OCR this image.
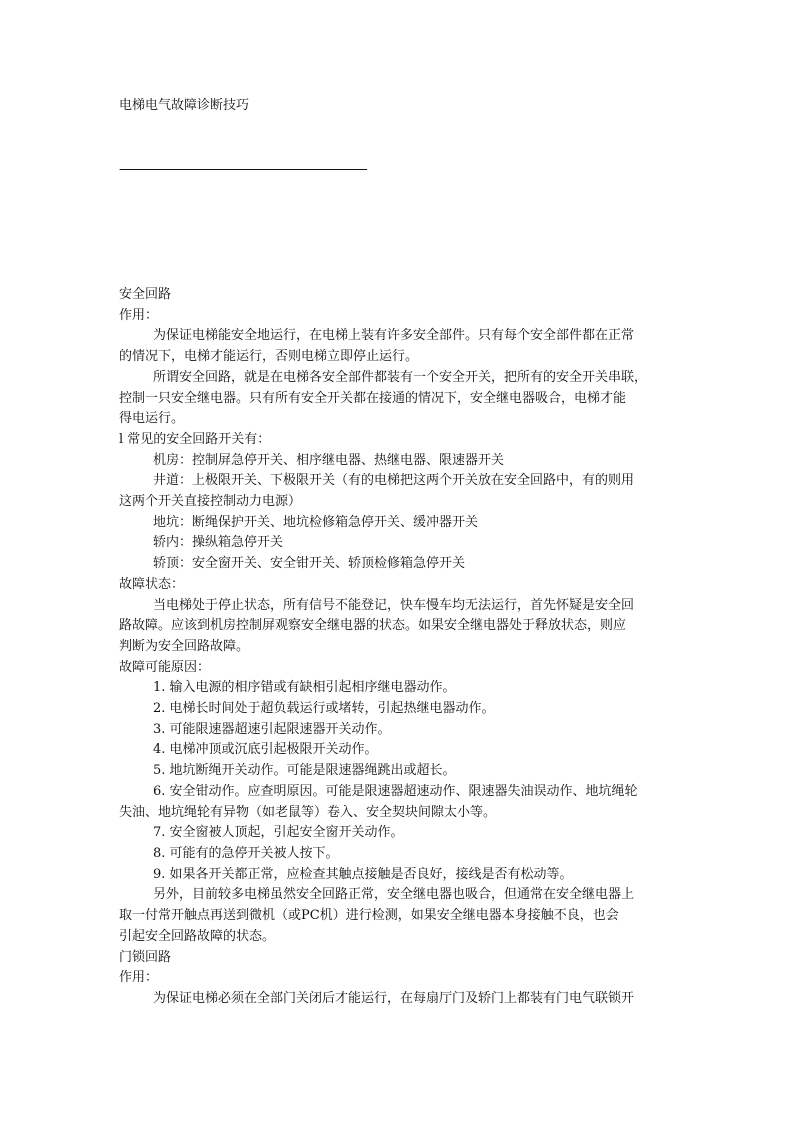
电梯电气故障诊断技巧
------------------------------------------------------------------------------------
安全回路
作用：
为保证电梯能安全地运行，在电梯上装有许多安全部件。只有每个安全部件都在正常
的情况下，电梯才能运行，否则电梯立即停止运行。
所谓安全回路，就是在电梯各安全部件都装有一个安全开关，把所有的安全开关串联，
控制一只安全继电器。只有所有安全开关都在接通的情况下，安全继电器吸合，电梯才能
得电运行。
l 常见的安全回路开关有：
机房：控制屏急停开关、相序继电器、热继电器、限速器开关
井道：上极限开关、下极限开关（有的电梯把这两个开关放在安全回路中，有的则用
这两个开关直接控制动力电源）
地坑：断绳保护开关、地坑检修箱急停开关、缓冲器开关
轿内：操纵箱急停开关
轿顶：安全窗开关、安全钳开关、轿顶检修箱急停开关
故障状态：
当电梯处于停止状态，所有信号不能登记，快车慢车均无法运行，首先怀疑是安全回
路故障。应该到机房控制屏观察安全继电器的状态。如果安全继电器处于释放状态，则应
判断为安全回路故障。
故障可能原因：
1. 输入电源的相序错或有缺相引起相序继电器动作。
2. 电梯长时间处于超负载运行或堵转，引起热继电器动作。
3. 可能限速器超速引起限速器开关动作。
4. 电梯冲顶或沉底引起极限开关动作。
5. 地坑断绳开关动作。可能是限速器绳跳出或超长。
6. 安全钳动作。应查明原因。可能是限速器超速动作、限速器失油误动作、地坑绳轮
失油、地坑绳轮有异物（如老鼠等）卷入、安全契块间隙太小等。
7. 安全窗被人顶起，引起安全窗开关动作。
8. 可能有的急停开关被人按下。
9. 如果各开关都正常，应检查其触点接触是否良好，接线是否有松动等。
另外，目前较多电梯虽然安全回路正常，安全继电器也吸合，但通常在安全继电器上
取一付常开触点再送到微机（或PC机）进行检测，如果安全继电器本身接触不良，也会
引起安全回路故障的状态。
门锁回路
作用：
为保证电梯必须在全部门关闭后才能运行，在每扇厅门及轿门上都装有门电气联锁开
